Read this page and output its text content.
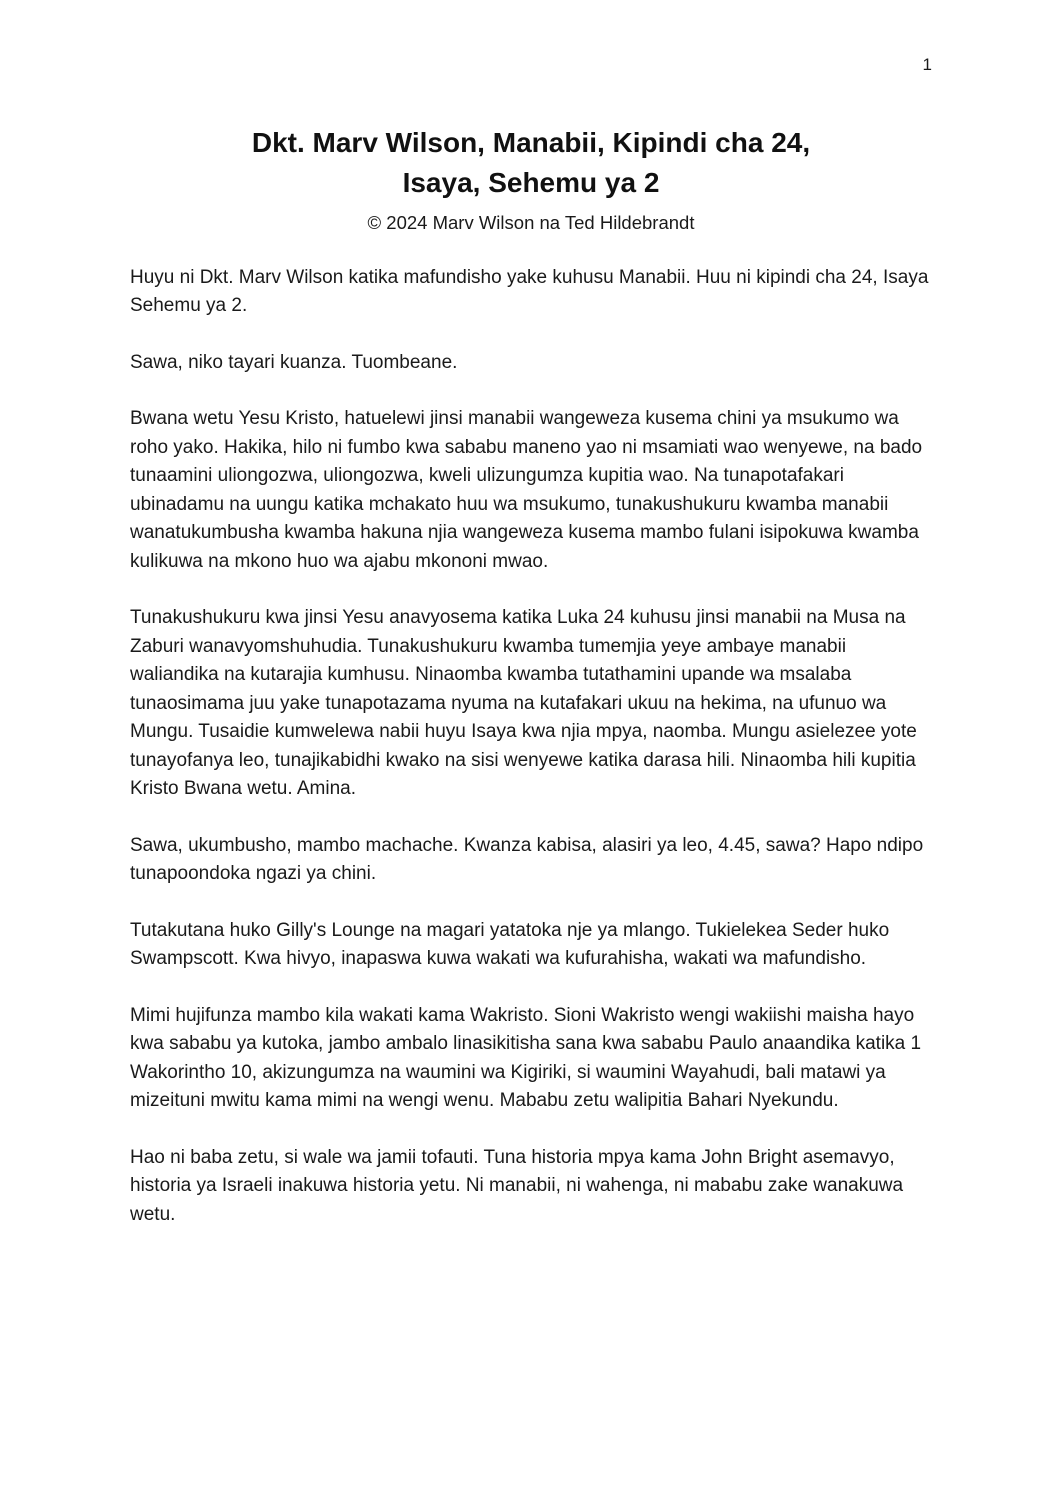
1
Dkt. Marv Wilson, Manabii, Kipindi cha 24,
Isaya, Sehemu ya 2
© 2024 Marv Wilson na Ted Hildebrandt

Huyu ni Dkt. Marv Wilson katika mafundisho yake kuhusu Manabii. Huu ni kipindi cha 24, Isaya Sehemu ya 2.

Sawa, niko tayari kuanza. Tuombeane.

Bwana wetu Yesu Kristo, hatuelewi jinsi manabii wangeweza kusema chini ya msukumo wa roho yako. Hakika, hilo ni fumbo kwa sababu maneno yao ni msamiati wao wenyewe, na bado tunaamini uliongozwa, uliongozwa, kweli ulizungumza kupitia wao. Na tunapotafakari ubinadamu na uungu katika mchakato huu wa msukumo, tunakushukuru kwamba manabii wanatukumbusha kwamba hakuna njia wangeweza kusema mambo fulani isipokuwa kwamba kulikuwa na mkono huo wa ajabu mkononi mwao.

Tunakushukuru kwa jinsi Yesu anavyosema katika Luka 24 kuhusu jinsi manabii na Musa na Zaburi wanavyomshuhudia. Tunakushukuru kwamba tumemjia yeye ambaye manabii waliandika na kutarajia kumhusu. Ninaomba kwamba tutathamini upande wa msalaba tunaosimama juu yake tunapotazama nyuma na kutafakari ukuu na hekima, na ufunuo wa Mungu. Tusaidie kumwelewa nabii huyu Isaya kwa njia mpya, naomba. Mungu asielezee yote tunayofanya leo, tunajikabidhi kwako na sisi wenyewe katika darasa hili. Ninaomba hili kupitia Kristo Bwana wetu. Amina.

Sawa, ukumbusho, mambo machache. Kwanza kabisa, alasiri ya leo, 4.45, sawa? Hapo ndipo tunapoondoka ngazi ya chini.

Tutakutana huko Gilly's Lounge na magari yatatoka nje ya mlango. Tukielekea Seder huko Swampscott. Kwa hivyo, inapaswa kuwa wakati wa kufurahisha, wakati wa mafundisho.

Mimi hujifunza mambo kila wakati kama Wakristo. Sioni Wakristo wengi wakiishi maisha hayo kwa sababu ya kutoka, jambo ambalo linasikitisha sana kwa sababu Paulo anaandika katika 1 Wakorintho 10, akizungumza na waumini wa Kigiriki, si waumini Wayahudi, bali matawi ya mizeituni mwitu kama mimi na wengi wenu. Mababu zetu walipitia Bahari Nyekundu.

Hao ni baba zetu, si wale wa jamii tofauti. Tuna historia mpya kama John Bright asemavyo, historia ya Israeli inakuwa historia yetu. Ni manabii, ni wahenga, ni mababu zake wanakuwa wetu.
